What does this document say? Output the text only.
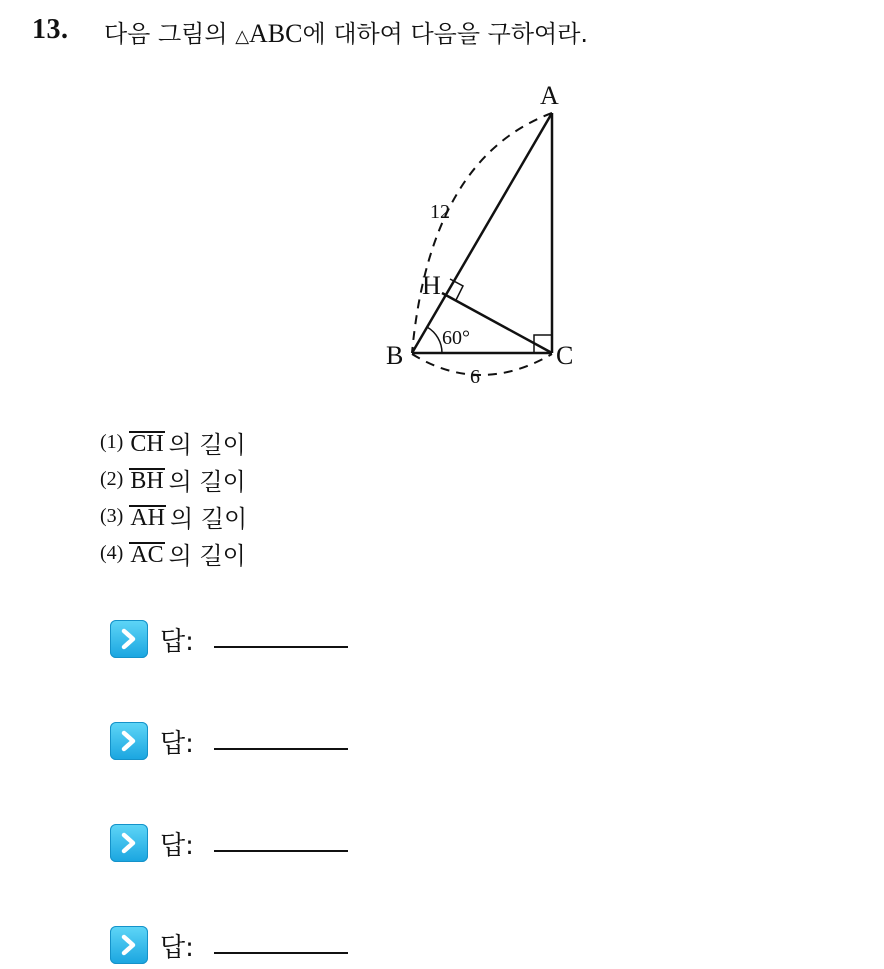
13. 다음 그림의 △ABC에 대하여 다음을 구하여라.
A
B	C
H
12
6
60°
(1) CH 의 길이
(2) BH 의 길이
(3) AH 의 길이
(4) AC 의 길이
답:
답:
답:
답:
